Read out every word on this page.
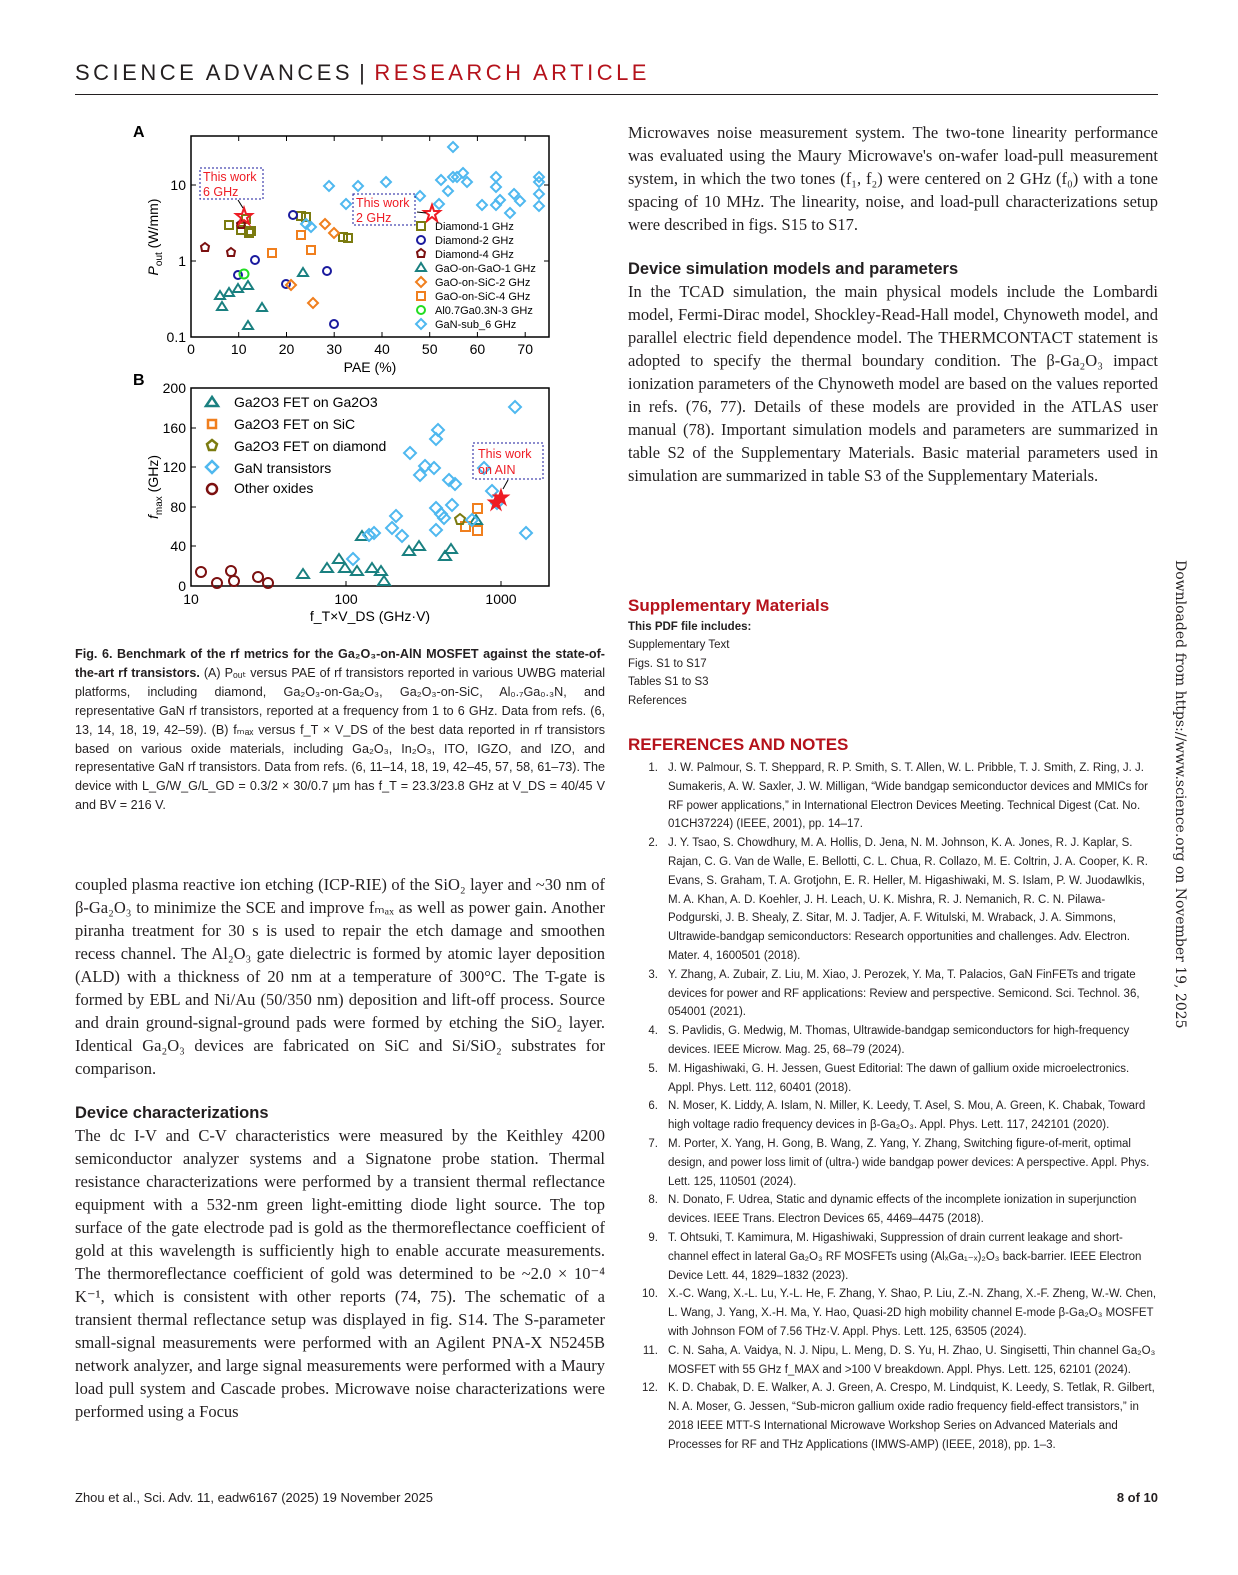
SCIENCE ADVANCES | RESEARCH ARTICLE
A
0	10 20 30 40 50 60 70
0.1
1
10
PAE (%)
$P_{out}$ (W/mm)
This work
6 GHz
This work
2 GHz
Diamond-1 GHz
Diamond-2 GHz
Diamond-4 GHz
GaO-on-GaO-1 GHz
GaO-on-SiC-2 GHz
GaO-on-SiC-4 GHz
Al0.7Ga0.3N-3 GHz
GaN-sub_6 GHz
B
10	100	1000
0
40
80
120
160
200
f_T×V_DS (GHz·V)
$f_{max}$ (GHz)
This work
on AIN
Ga2O3 FET on Ga2O3
Ga2O3 FET on SiC
Ga2O3 FET on diamond
GaN transistors
Other oxides
Fig. 6. Benchmark of the rf metrics for the Ga₂O₃-on-AlN MOSFET against the state-of-the-art rf transistors. (A) Pₒᵤₜ versus PAE of rf transistors reported in various UWBG material platforms, including diamond, Ga₂O₃-on-Ga₂O₃, Ga₂O₃-on-SiC, Al₀.₇Ga₀.₃N, and representative GaN rf transistors, reported at a frequency from 1 to 6 GHz. Data from refs. (6, 13, 14, 18, 19, 42–59). (B) fₘₐₓ versus f_T × V_DS of the best data reported in rf transistors based on various oxide materials, including Ga₂O₃, In₂O₃, ITO, IGZO, and IZO, and representative GaN rf transistors. Data from refs. (6, 11–14, 18, 19, 42–45, 57, 58, 61–73). The device with L_G/W_G/L_GD = 0.3/2 × 30/0.7 μm has f_T = 23.3/23.8 GHz at V_DS = 40/45 V and BV = 216 V.

coupled plasma reactive ion etching (ICP-RIE) of the SiO₂ layer and ~30 nm of β-Ga₂O₃ to minimize the SCE and improve fₘₐₓ as well as power gain. Another piranha treatment for 30 s is used to repair the etch damage and smoothen recess channel. The Al₂O₃ gate dielectric is formed by atomic layer deposition (ALD) with a thickness of 20 nm at a temperature of 300°C. The T-gate is formed by EBL and Ni/Au (50/350 nm) deposition and lift-off process. Source and drain ground-signal-ground pads were formed by etching the SiO₂ layer. Identical Ga₂O₃ devices are fabricated on SiC and Si/SiO₂ substrates for comparison.

Device characterizations

The dc I-V and C-V characteristics were measured by the Keithley 4200 semiconductor analyzer systems and a Signatone probe station. Thermal resistance characterizations were performed by a transient thermal reflectance equipment with a 532-nm green light-emitting diode light source. The top surface of the gate electrode pad is gold as the thermoreflectance coefficient of gold at this wavelength is sufficiently high to enable accurate measurements. The thermoreflectance coefficient of gold was determined to be ~2.0 × 10⁻⁴ K⁻¹, which is consistent with other reports (74, 75). The schematic of a transient thermal reflectance setup was displayed in fig. S14. The S-parameter small-signal measurements were performed with an Agilent PNA-X N5245B network analyzer, and large signal measurements were performed with a Maury load pull system and Cascade probes. Microwave noise characterizations were performed using a Focus

Microwaves noise measurement system. The two-tone linearity performance was evaluated using the Maury Microwave's on-wafer load-pull measurement system, in which the two tones (f₁, f₂) were centered on 2 GHz (f₀) with a tone spacing of 10 MHz. The linearity, noise, and load-pull characterizations setup were described in figs. S15 to S17.

Device simulation models and parameters

In the TCAD simulation, the main physical models include the Lombardi model, Fermi-Dirac model, Shockley-Read-Hall model, Chynoweth model, and parallel electric field dependence model. The THERMCONTACT statement is adopted to specify the thermal boundary condition. The β-Ga₂O₃ impact ionization parameters of the Chynoweth model are based on the values reported in refs. (76, 77). Details of these models are provided in the ATLAS user manual (78). Important simulation models and parameters are summarized in table S2 of the Supplementary Materials. Basic material parameters used in simulation are summarized in table S3 of the Supplementary Materials.

Supplementary Materials

This PDF file includes:

Supplementary Text
Figs. S1 to S17
Tables S1 to S3
References
REFERENCES AND NOTES
1. J. W. Palmour, S. T. Sheppard, R. P. Smith, S. T. Allen, W. L. Pribble, T. J. Smith, Z. Ring, J. J. Sumakeris, A. W. Saxler, J. W. Milligan, “Wide bandgap semiconductor devices and MMICs for RF power applications,” in International Electron Devices Meeting. Technical Digest (Cat. No. 01CH37224) (IEEE, 2001), pp. 14–17.
2. J. Y. Tsao, S. Chowdhury, M. A. Hollis, D. Jena, N. M. Johnson, K. A. Jones, R. J. Kaplar, S. Rajan, C. G. Van de Walle, E. Bellotti, C. L. Chua, R. Collazo, M. E. Coltrin, J. A. Cooper, K. R. Evans, S. Graham, T. A. Grotjohn, E. R. Heller, M. Higashiwaki, M. S. Islam, P. W. Juodawlkis, M. A. Khan, A. D. Koehler, J. H. Leach, U. K. Mishra, R. J. Nemanich, R. C. N. Pilawa-Podgurski, J. B. Shealy, Z. Sitar, M. J. Tadjer, A. F. Witulski, M. Wraback, J. A. Simmons, Ultrawide-bandgap semiconductors: Research opportunities and challenges. Adv. Electron. Mater. 4, 1600501 (2018).
3. Y. Zhang, A. Zubair, Z. Liu, M. Xiao, J. Perozek, Y. Ma, T. Palacios, GaN FinFETs and trigate devices for power and RF applications: Review and perspective. Semicond. Sci. Technol. 36, 054001 (2021).
4. S. Pavlidis, G. Medwig, M. Thomas, Ultrawide-bandgap semiconductors for high-frequency devices. IEEE Microw. Mag. 25, 68–79 (2024).
5. M. Higashiwaki, G. H. Jessen, Guest Editorial: The dawn of gallium oxide microelectronics. Appl. Phys. Lett. 112, 60401 (2018).
6. N. Moser, K. Liddy, A. Islam, N. Miller, K. Leedy, T. Asel, S. Mou, A. Green, K. Chabak, Toward high voltage radio frequency devices in β-Ga₂O₃. Appl. Phys. Lett. 117, 242101 (2020).
7. M. Porter, X. Yang, H. Gong, B. Wang, Z. Yang, Y. Zhang, Switching figure-of-merit, optimal design, and power loss limit of (ultra-) wide bandgap power devices: A perspective. Appl. Phys. Lett. 125, 110501 (2024).
8. N. Donato, F. Udrea, Static and dynamic effects of the incomplete ionization in superjunction devices. IEEE Trans. Electron Devices 65, 4469–4475 (2018).
9. T. Ohtsuki, T. Kamimura, M. Higashiwaki, Suppression of drain current leakage and short-channel effect in lateral Ga₂O₃ RF MOSFETs using (AlₓGa₁₋ₓ)₂O₃ back-barrier. IEEE Electron Device Lett. 44, 1829–1832 (2023).
10. X.-C. Wang, X.-L. Lu, Y.-L. He, F. Zhang, Y. Shao, P. Liu, Z.-N. Zhang, X.-F. Zheng, W.-W. Chen, L. Wang, J. Yang, X.-H. Ma, Y. Hao, Quasi-2D high mobility channel E-mode β-Ga₂O₃ MOSFET with Johnson FOM of 7.56 THz·V. Appl. Phys. Lett. 125, 63505 (2024).
11. C. N. Saha, A. Vaidya, N. J. Nipu, L. Meng, D. S. Yu, H. Zhao, U. Singisetti, Thin channel Ga₂O₃ MOSFET with 55 GHz f_MAX and >100 V breakdown. Appl. Phys. Lett. 125, 62101 (2024).
12. K. D. Chabak, D. E. Walker, A. J. Green, A. Crespo, M. Lindquist, K. Leedy, S. Tetlak, R. Gilbert, N. A. Moser, G. Jessen, “Sub-micron gallium oxide radio frequency field-effect transistors,” in 2018 IEEE MTT-S International Microwave Workshop Series on Advanced Materials and Processes for RF and THz Applications (IMWS-AMP) (IEEE, 2018), pp. 1–3.
Downloaded from https://www.science.org on November 19, 2025
Zhou et al., Sci. Adv. 11, eadw6167 (2025) 19 November 2025	8 of 10
